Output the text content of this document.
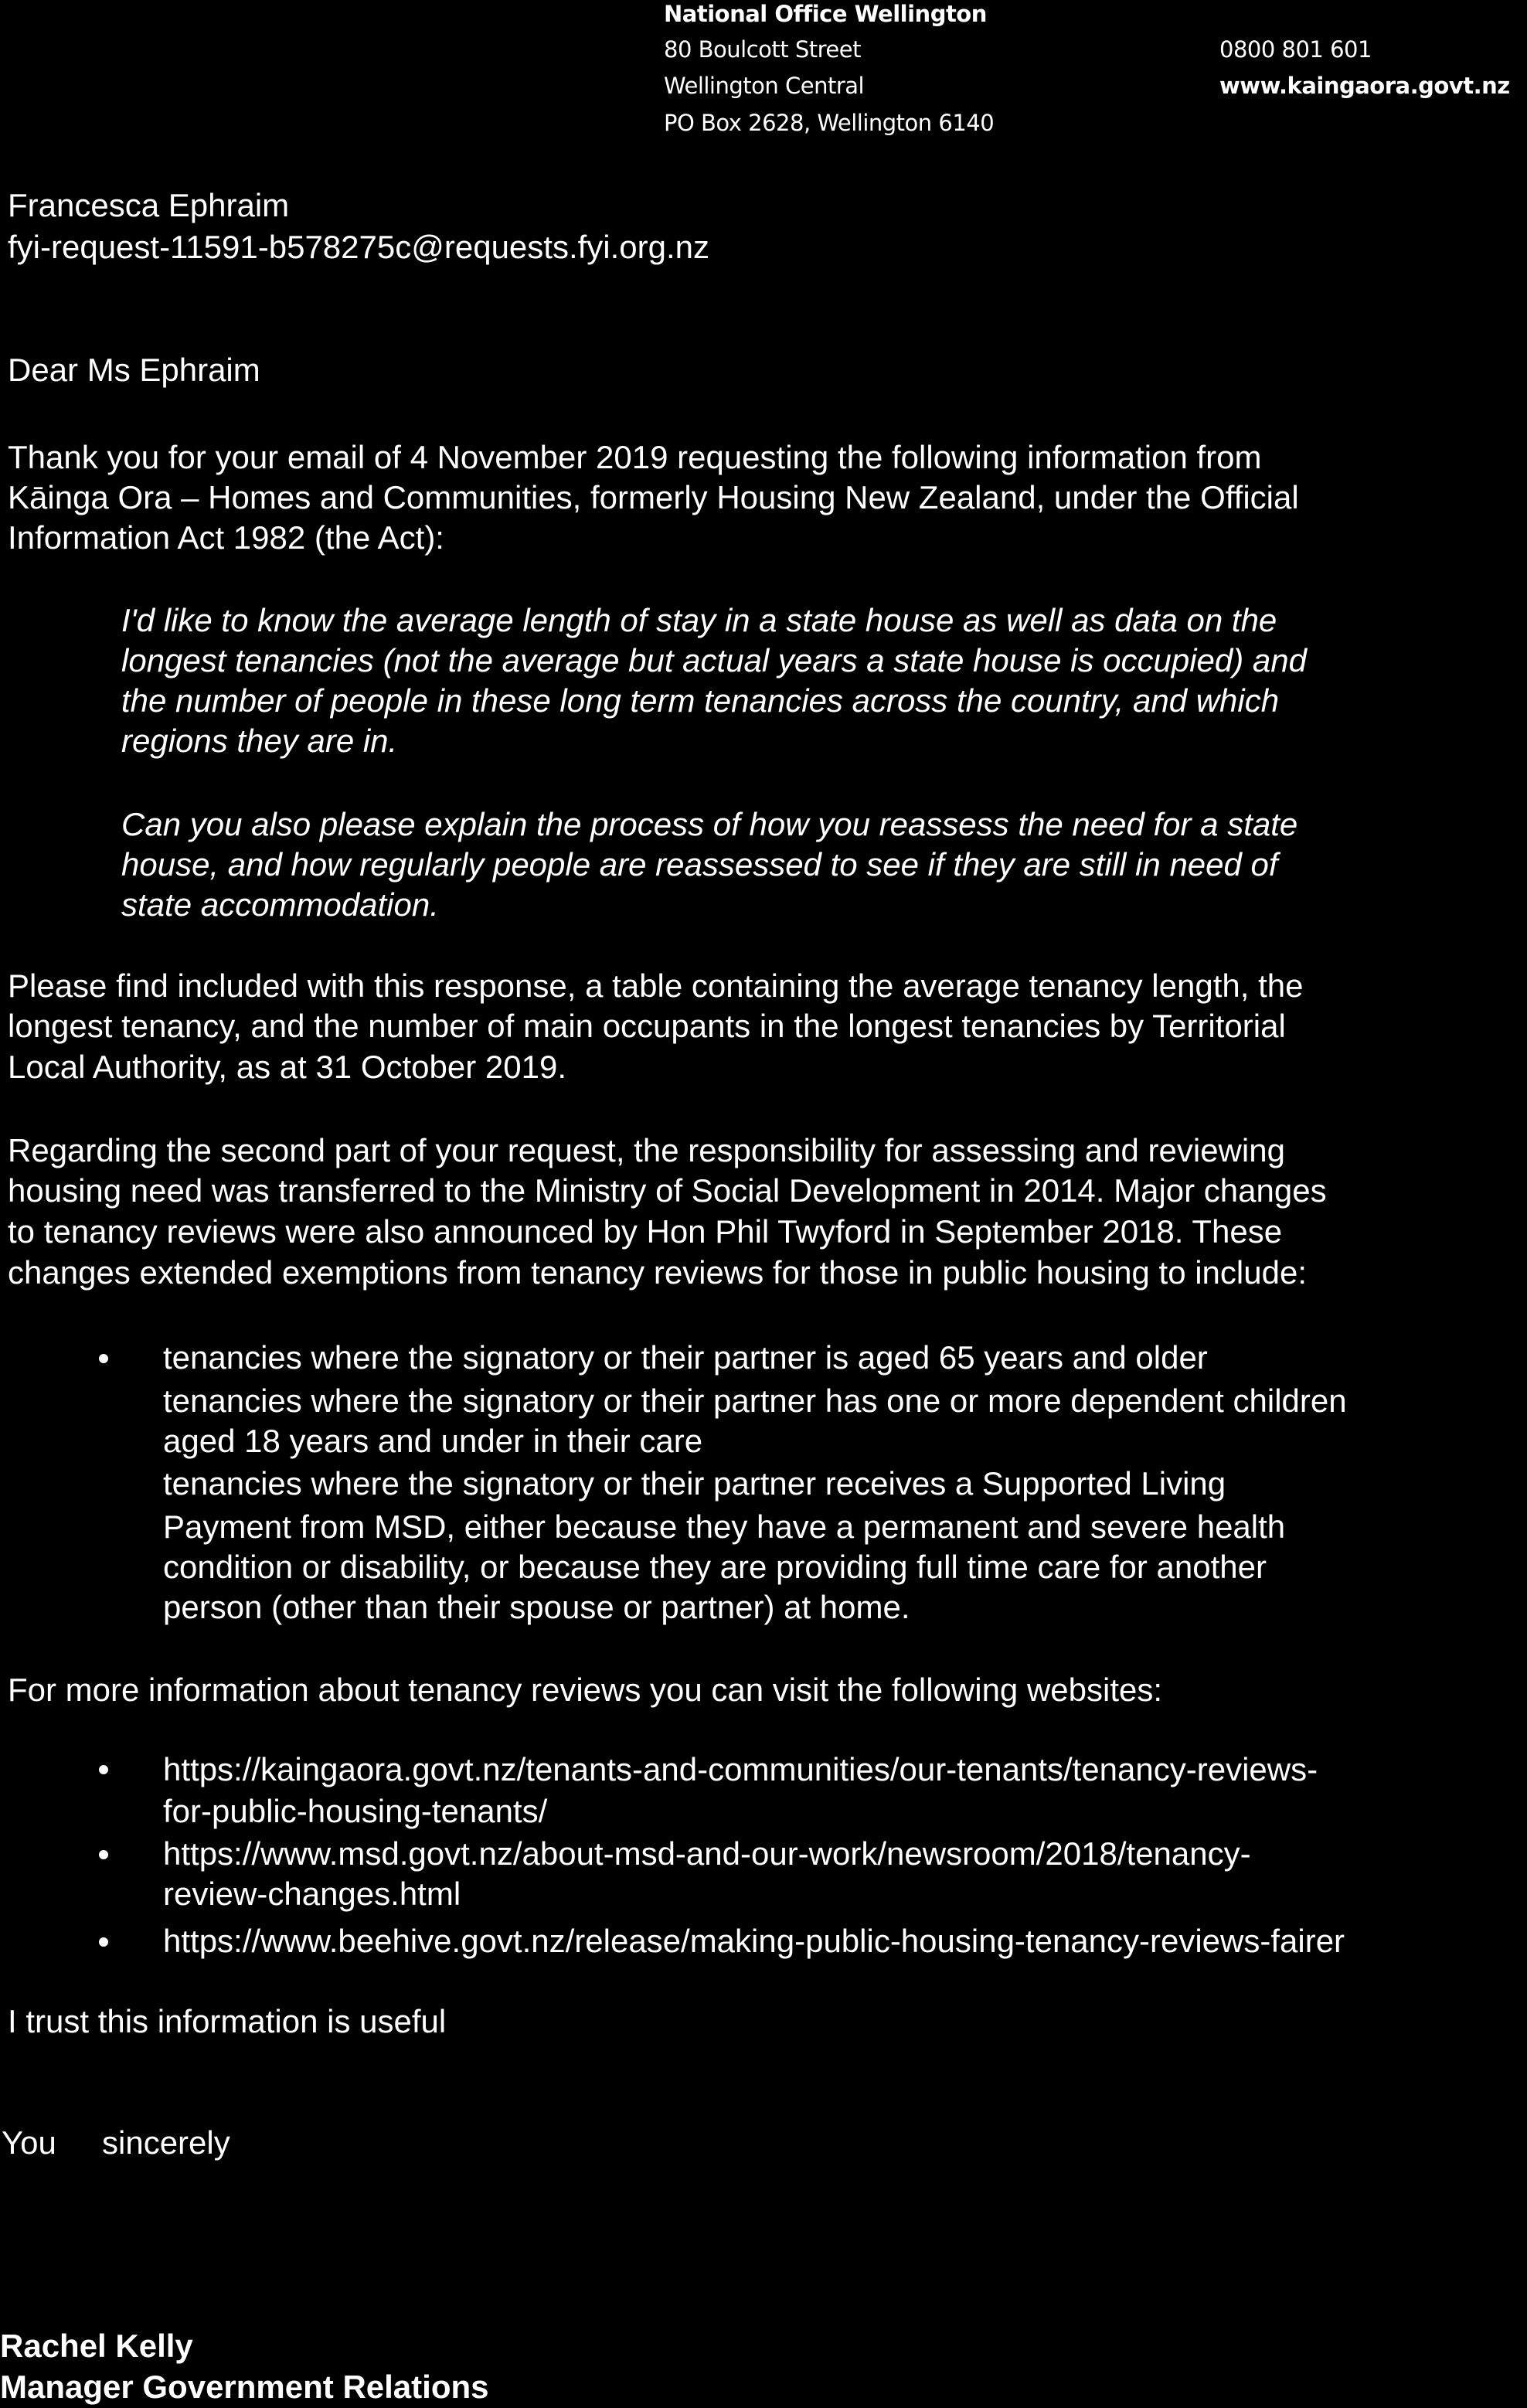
National Office Wellington
80 Boulcott Street
Wellington Central
PO Box 2628, Wellington 6140
0800 801 601
www.kaingaora.govt.nz
Francesca Ephraim
fyi-request-11591-b578275c@requests.fyi.org.nz
Dear Ms Ephraim
Thank you for your email of 4 November 2019 requesting the following information from
Kāinga Ora – Homes and Communities, formerly Housing New Zealand, under the Official
Information Act 1982 (the Act):
I'd like to know the average length of stay in a state house as well as data on the
longest tenancies (not the average but actual years a state house is occupied) and
the number of people in these long term tenancies across the country, and which
regions they are in.
Can you also please explain the process of how you reassess the need for a state
house, and how regularly people are reassessed to see if they are still in need of
state accommodation.
Please find included with this response, a table containing the average tenancy length, the
longest tenancy, and the number of main occupants in the longest tenancies by Territorial
Local Authority, as at 31 October 2019.
Regarding the second part of your request, the responsibility for assessing and reviewing
housing need was transferred to the Ministry of Social Development in 2014. Major changes
to tenancy reviews were also announced by Hon Phil Twyford in September 2018. These
changes extended exemptions from tenancy reviews for those in public housing to include:
tenancies where the signatory or their partner is aged 65 years and older
tenancies where the signatory or their partner has one or more dependent children
aged 18 years and under in their care
tenancies where the signatory or their partner receives a Supported Living
Payment from MSD, either because they have a permanent and severe health
condition or disability, or because they are providing full time care for another
person (other than their spouse or partner) at home.
For more information about tenancy reviews you can visit the following websites:
https://kaingaora.govt.nz/tenants-and-communities/our-tenants/tenancy-reviews-
for-public-housing-tenants/
https://www.msd.govt.nz/about-msd-and-our-work/newsroom/2018/tenancy-
review-changes.html
https://www.beehive.govt.nz/release/making-public-housing-tenancy-reviews-fairer
I trust this information is useful
You sincerely
Rachel Kelly
Manager Government Relations
